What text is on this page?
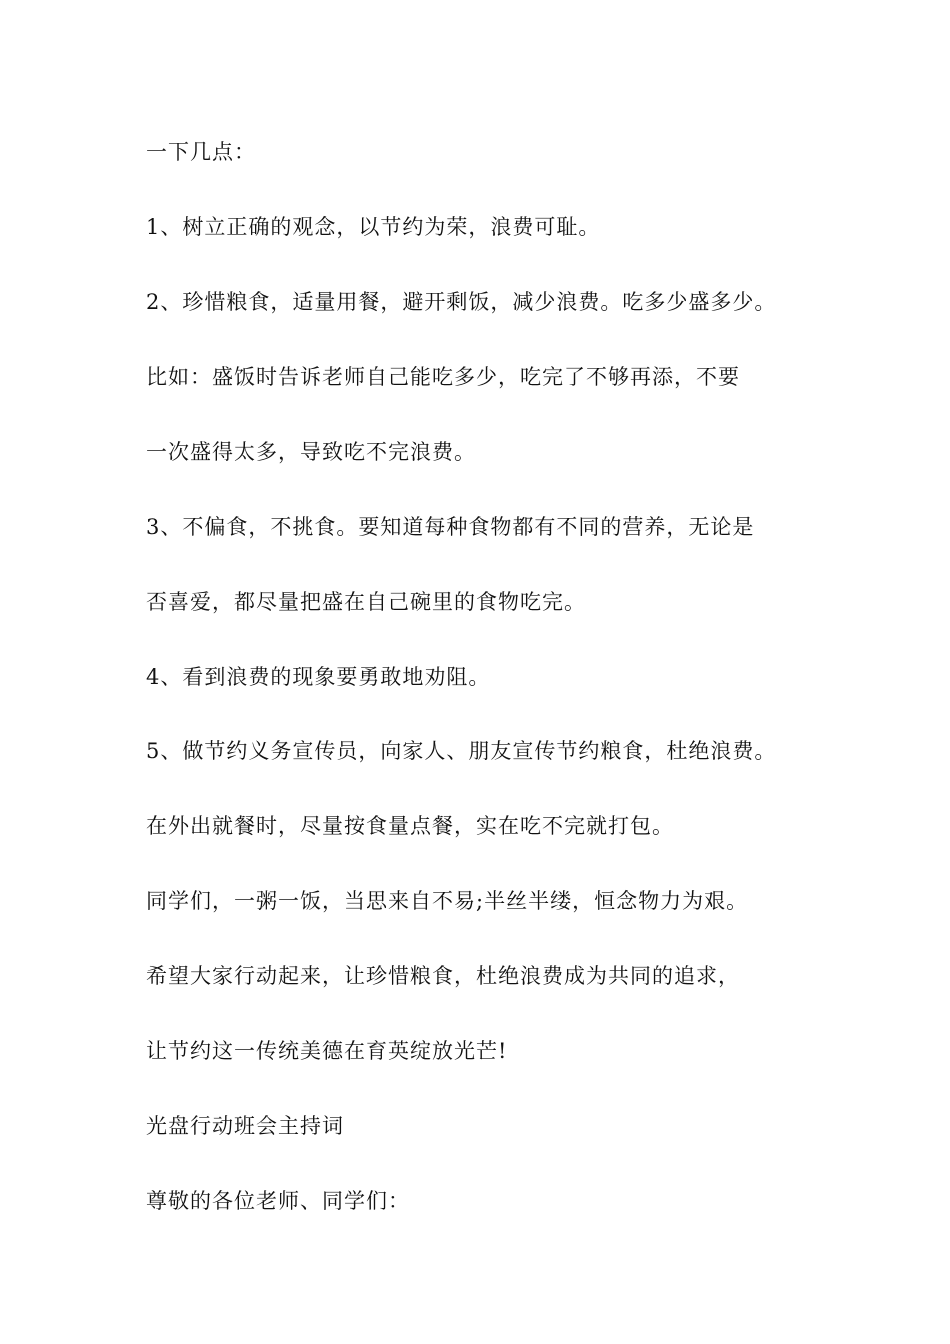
一下几点：
1、树立正确的观念，以节约为荣，浪费可耻。
2、珍惜粮食，适量用餐，避开剩饭，减少浪费。吃多少盛多少。
比如：盛饭时告诉老师自己能吃多少，吃完了不够再添，不要
一次盛得太多，导致吃不完浪费。
3、不偏食，不挑食。要知道每种食物都有不同的营养，无论是
否喜爱，都尽量把盛在自己碗里的食物吃完。
4、看到浪费的现象要勇敢地劝阻。
5、做节约义务宣传员，向家人、朋友宣传节约粮食，杜绝浪费。
在外出就餐时，尽量按食量点餐，实在吃不完就打包。
同学们，一粥一饭，当思来自不易;半丝半缕，恒念物力为艰。
希望大家行动起来，让珍惜粮食，杜绝浪费成为共同的追求，
让节约这一传统美德在育英绽放光芒!
光盘行动班会主持词
尊敬的各位老师、同学们：
